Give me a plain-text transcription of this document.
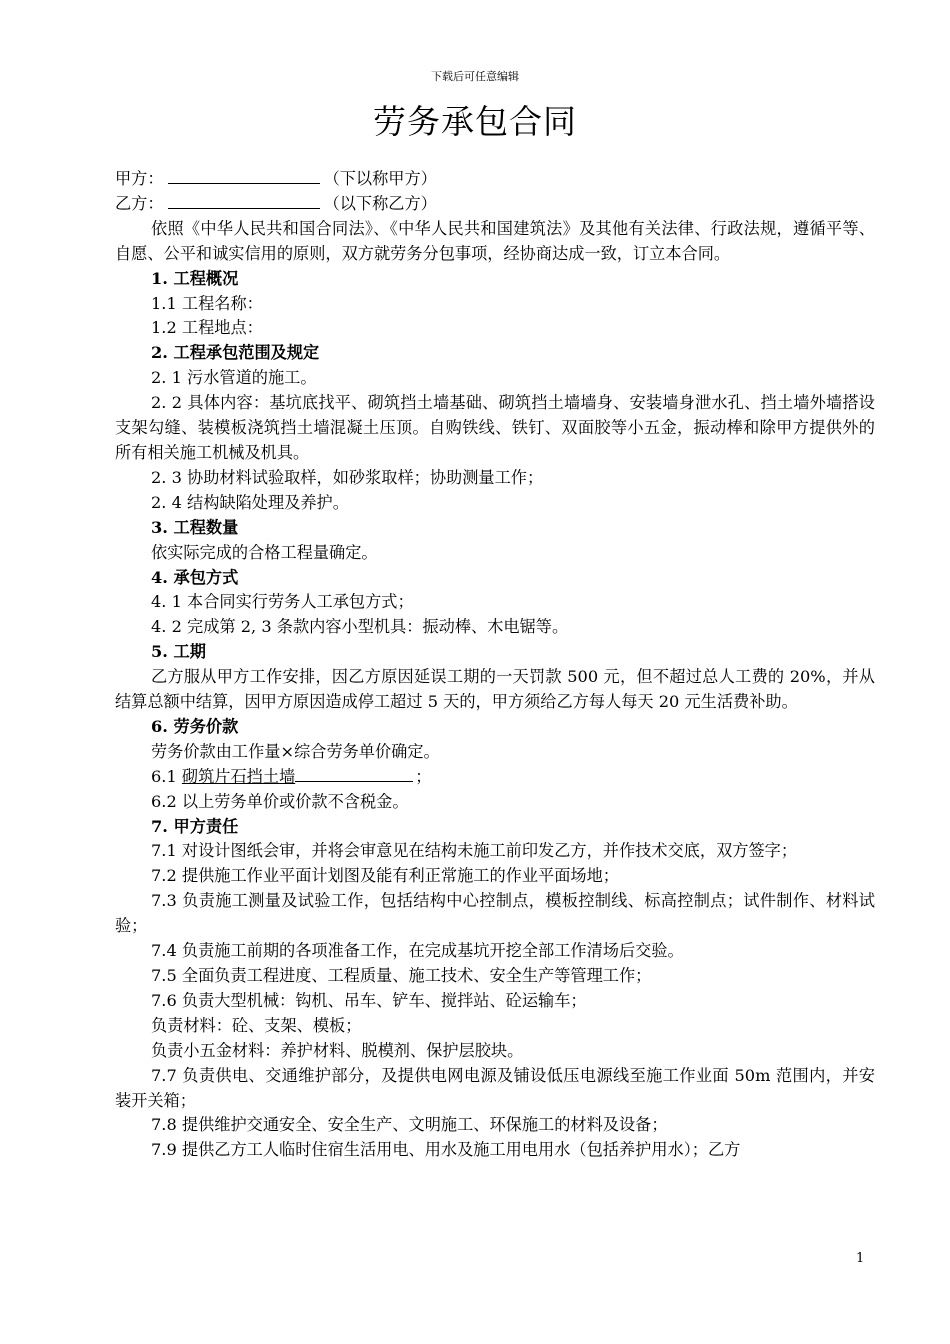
下载后可任意编辑
劳务承包合同

甲方：	（下以称甲方）

乙方：	（以下称乙方）

依照《中华人民共和国合同法》、《中华人民共和国建筑法》及其他有关法律、行政法规，遵循平等、自愿、公平和诚实信用的原则，双方就劳务分包事项，经协商达成一致，订立本合同。

1. 工程概况

1.1 工程名称：

1.2 工程地点：

2. 工程承包范围及规定

2. 1 污水管道的施工。

2. 2 具体内容：基坑底找平、砌筑挡土墙基础、砌筑挡土墙墙身、安装墙身泄水孔、挡土墙外墙搭设支架勾缝、装模板浇筑挡土墙混凝土压顶。自购铁线、铁钉、双面胶等小五金，振动棒和除甲方提供外的所有相关施工机械及机具。

2. 3 协助材料试验取样，如砂浆取样；协助测量工作；

2. 4 结构缺陷处理及养护。

3. 工程数量

依实际完成的合格工程量确定。

4. 承包方式

4. 1 本合同实行劳务人工承包方式；

4. 2 完成第 2, 3 条款内容小型机具：振动棒、木电锯等。

5. 工期

乙方服从甲方工作安排，因乙方原因延误工期的一天罚款 500 元，但不超过总人工费的 20%，并从结算总额中结算，因甲方原因造成停工超过 5 天的，甲方须给乙方每人每天 20 元生活费补助。

6. 劳务价款

劳务价款由工作量×综合劳务单价确定。

6.1 砌筑片石挡土墙	；

6.2 以上劳务单价或价款不含税金。

7. 甲方责任

7.1 对设计图纸会审，并将会审意见在结构未施工前印发乙方，并作技术交底，双方签字；

7.2 提供施工作业平面计划图及能有利正常施工的作业平面场地；

7.3 负责施工测量及试验工作，包括结构中心控制点，模板控制线、标高控制点；试件制作、材料试验；

7.4 负责施工前期的各项准备工作，在完成基坑开挖全部工作清场后交验。

7.5 全面负责工程进度、工程质量、施工技术、安全生产等管理工作；

7.6 负责大型机械：钩机、吊车、铲车、搅拌站、砼运输车；

负责材料：砼、支架、模板；

负责小五金材料：养护材料、脱模剂、保护层胶块。

7.7 负责供电、交通维护部分，及提供电网电源及铺设低压电源线至施工作业面 50m 范围内，并安装开关箱；

7.8 提供维护交通安全、安全生产、文明施工、环保施工的材料及设备；

7.9 提供乙方工人临时住宿生活用电、用水及施工用电用水（包括养护用水）；乙方

1
